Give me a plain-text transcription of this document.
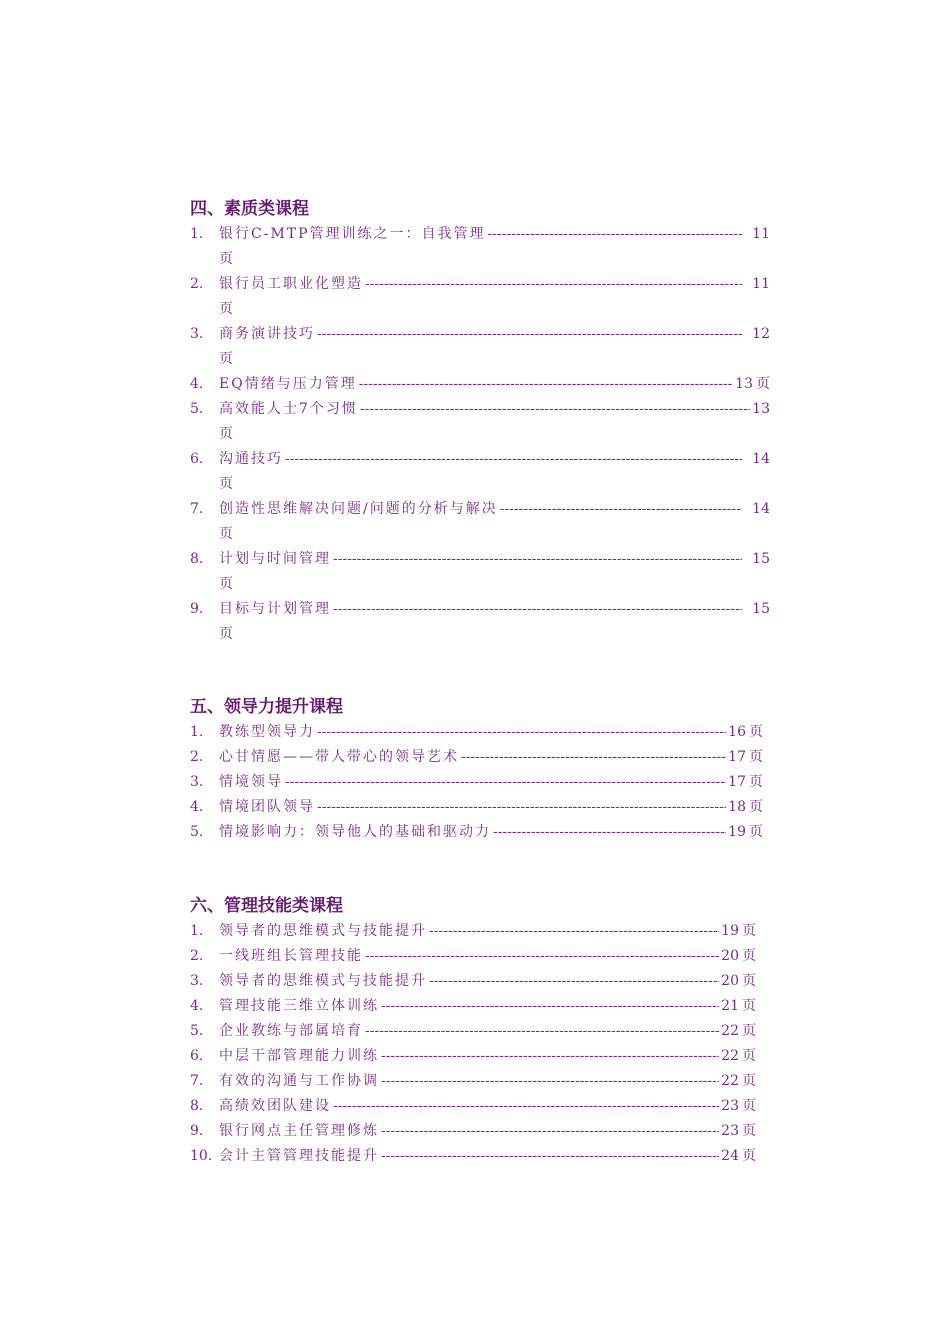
四、素质类课程
1.	银行C-MTP管理训练之一：自我管理 -----	11
页
2.	银行员工职业化塑造 -----	11
页
3.	商务演讲技巧 -----	12
页
4.	EQ情绪与压力管理 -----	13 页
5.	高效能人士7个习惯 -----	13
页
6.	沟通技巧 -----	14
页
7.	创造性思维解决问题/问题的分析与解决 -----	14
页
8.	计划与时间管理 -----	15
页
9.	目标与计划管理 -----	15
页
五、领导力提升课程
1.	教练型领导力 -----	16 页
2.	心甘情愿——带人带心的领导艺术 -----	17 页
3.	情境领导 -----	17 页
4.	情境团队领导 -----	18 页
5.	情境影响力：领导他人的基础和驱动力 -----	19 页
六、管理技能类课程
1.	领导者的思维模式与技能提升 -----	19 页
2.	一线班组长管理技能 -----	20 页
3.	领导者的思维模式与技能提升 -----	20 页
4.	管理技能三维立体训练 -----	21 页
5.	企业教练与部属培育 -----	22 页
6.	中层干部管理能力训练 -----	22 页
7.	有效的沟通与工作协调 -----	22 页
8.	高绩效团队建设 -----	23 页
9.	银行网点主任管理修炼 -----	23 页
10. 会计主管管理技能提升 -----	24 页
